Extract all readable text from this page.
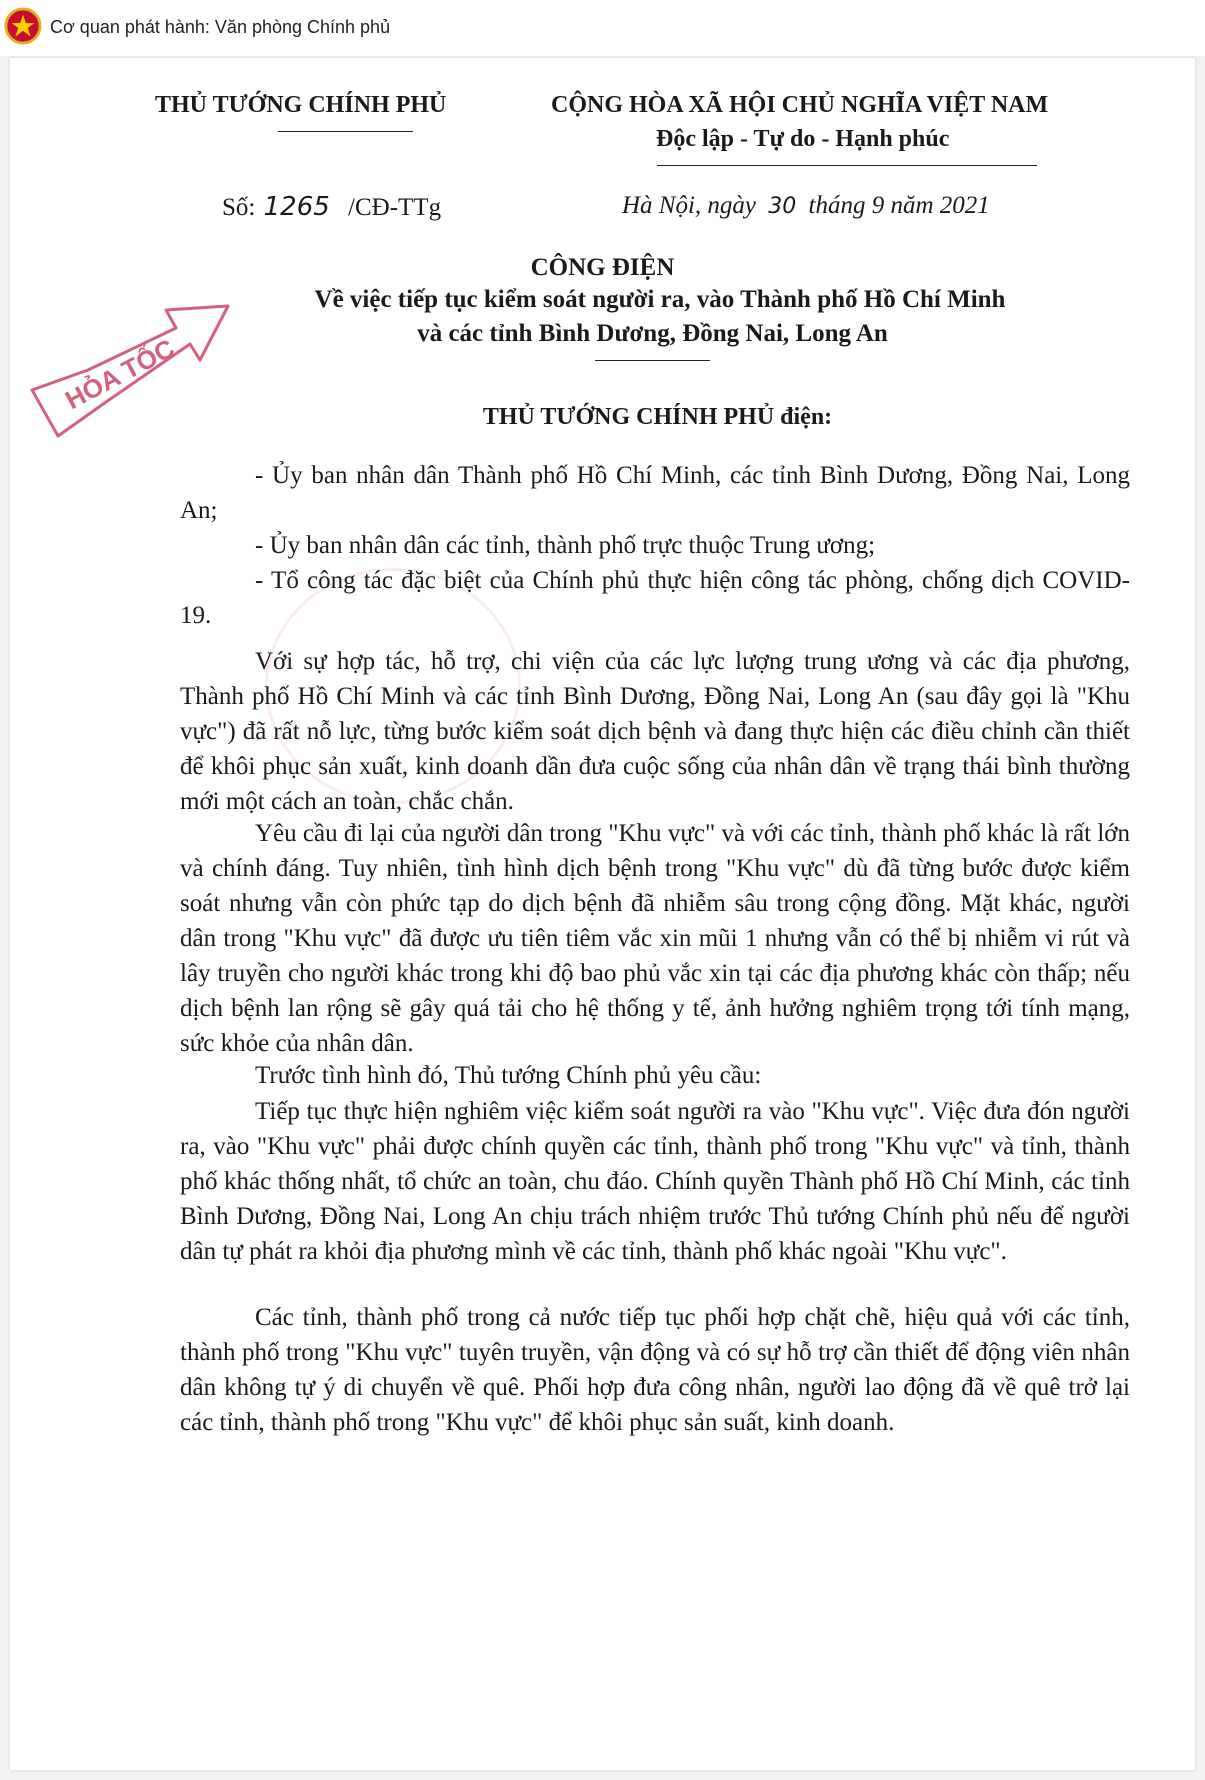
Cơ quan phát hành: Văn phòng Chính phủ
THỦ TƯỚNG CHÍNH PHỦ	CỘNG HÒA XÃ HỘI CHỦ NGHĨA VIỆT NAM
Độc lập - Tự do - Hạnh phúc
Số: 1265 /CĐ-TTg	Hà Nội, ngày 30 tháng 9 năm 2021
HỎA TỐC
CÔNG ĐIỆN
Về việc tiếp tục kiểm soát người ra, vào Thành phố Hồ Chí Minh
và các tỉnh Bình Dương, Đồng Nai, Long An
THỦ TƯỚNG CHÍNH PHỦ điện:
- Ủy ban nhân dân Thành phố Hồ Chí Minh, các tỉnh Bình Dương, Đồng Nai, Long An;
- Ủy ban nhân dân các tỉnh, thành phố trực thuộc Trung ương;
- Tổ công tác đặc biệt của Chính phủ thực hiện công tác phòng, chống dịch COVID-19.
Với sự hợp tác, hỗ trợ, chi viện của các lực lượng trung ương và các địa phương, Thành phố Hồ Chí Minh và các tỉnh Bình Dương, Đồng Nai, Long An (sau đây gọi là "Khu vực") đã rất nỗ lực, từng bước kiểm soát dịch bệnh và đang thực hiện các điều chỉnh cần thiết để khôi phục sản xuất, kinh doanh dần đưa cuộc sống của nhân dân về trạng thái bình thường mới một cách an toàn, chắc chắn.
Yêu cầu đi lại của người dân trong "Khu vực" và với các tỉnh, thành phố khác là rất lớn và chính đáng. Tuy nhiên, tình hình dịch bệnh trong "Khu vực" dù đã từng bước được kiểm soát nhưng vẫn còn phức tạp do dịch bệnh đã nhiễm sâu trong cộng đồng. Mặt khác, người dân trong "Khu vực" đã được ưu tiên tiêm vắc xin mũi 1 nhưng vẫn có thể bị nhiễm vi rút và lây truyền cho người khác trong khi độ bao phủ vắc xin tại các địa phương khác còn thấp; nếu dịch bệnh lan rộng sẽ gây quá tải cho hệ thống y tế, ảnh hưởng nghiêm trọng tới tính mạng, sức khỏe của nhân dân.
Trước tình hình đó, Thủ tướng Chính phủ yêu cầu:
Tiếp tục thực hiện nghiêm việc kiểm soát người ra vào "Khu vực". Việc đưa đón người ra, vào "Khu vực" phải được chính quyền các tỉnh, thành phố trong "Khu vực" và tỉnh, thành phố khác thống nhất, tổ chức an toàn, chu đáo. Chính quyền Thành phố Hồ Chí Minh, các tỉnh Bình Dương, Đồng Nai, Long An chịu trách nhiệm trước Thủ tướng Chính phủ nếu để người dân tự phát ra khỏi địa phương mình về các tỉnh, thành phố khác ngoài "Khu vực".
Các tỉnh, thành phố trong cả nước tiếp tục phối hợp chặt chẽ, hiệu quả với các tỉnh, thành phố trong "Khu vực" tuyên truyền, vận động và có sự hỗ trợ cần thiết để động viên nhân dân không tự ý di chuyển về quê. Phối hợp đưa công nhân, người lao động đã về quê trở lại các tỉnh, thành phố trong "Khu vực" để khôi phục sản suất, kinh doanh.
